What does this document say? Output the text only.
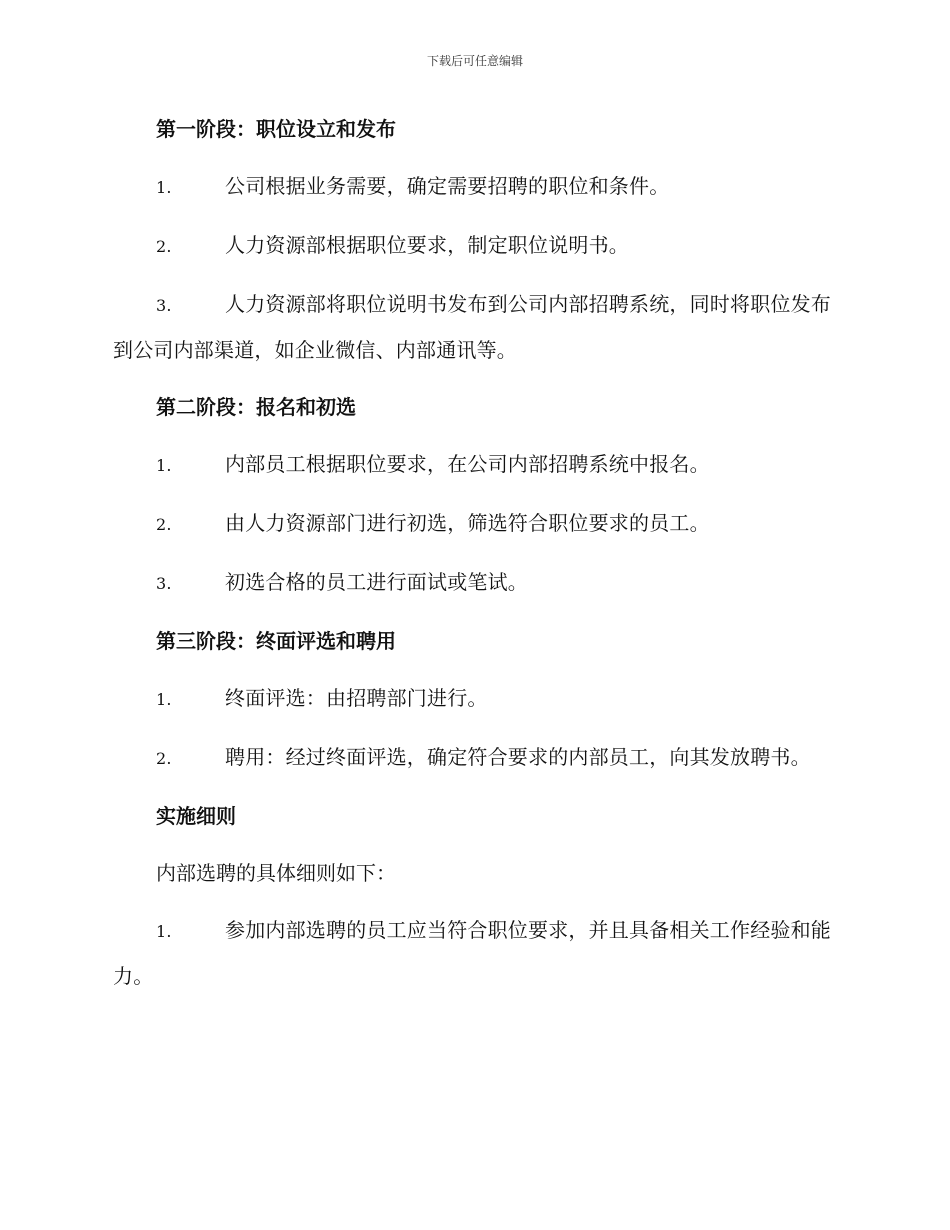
下载后可任意编辑
第一阶段：职位设立和发布

1.	公司根据业务需要，确定需要招聘的职位和条件。

2.	人力资源部根据职位要求，制定职位说明书。

3.	人力资源部将职位说明书发布到公司内部招聘系统，同时将职位发布到公司内部渠道，如企业微信、内部通讯等。

第二阶段：报名和初选

1.	内部员工根据职位要求，在公司内部招聘系统中报名。

2.	由人力资源部门进行初选，筛选符合职位要求的员工。

3.	初选合格的员工进行面试或笔试。

第三阶段：终面评选和聘用

1.	终面评选：由招聘部门进行。

2.	聘用：经过终面评选，确定符合要求的内部员工，向其发放聘书。

实施细则

内部选聘的具体细则如下：

1.	参加内部选聘的员工应当符合职位要求，并且具备相关工作经验和能力。
